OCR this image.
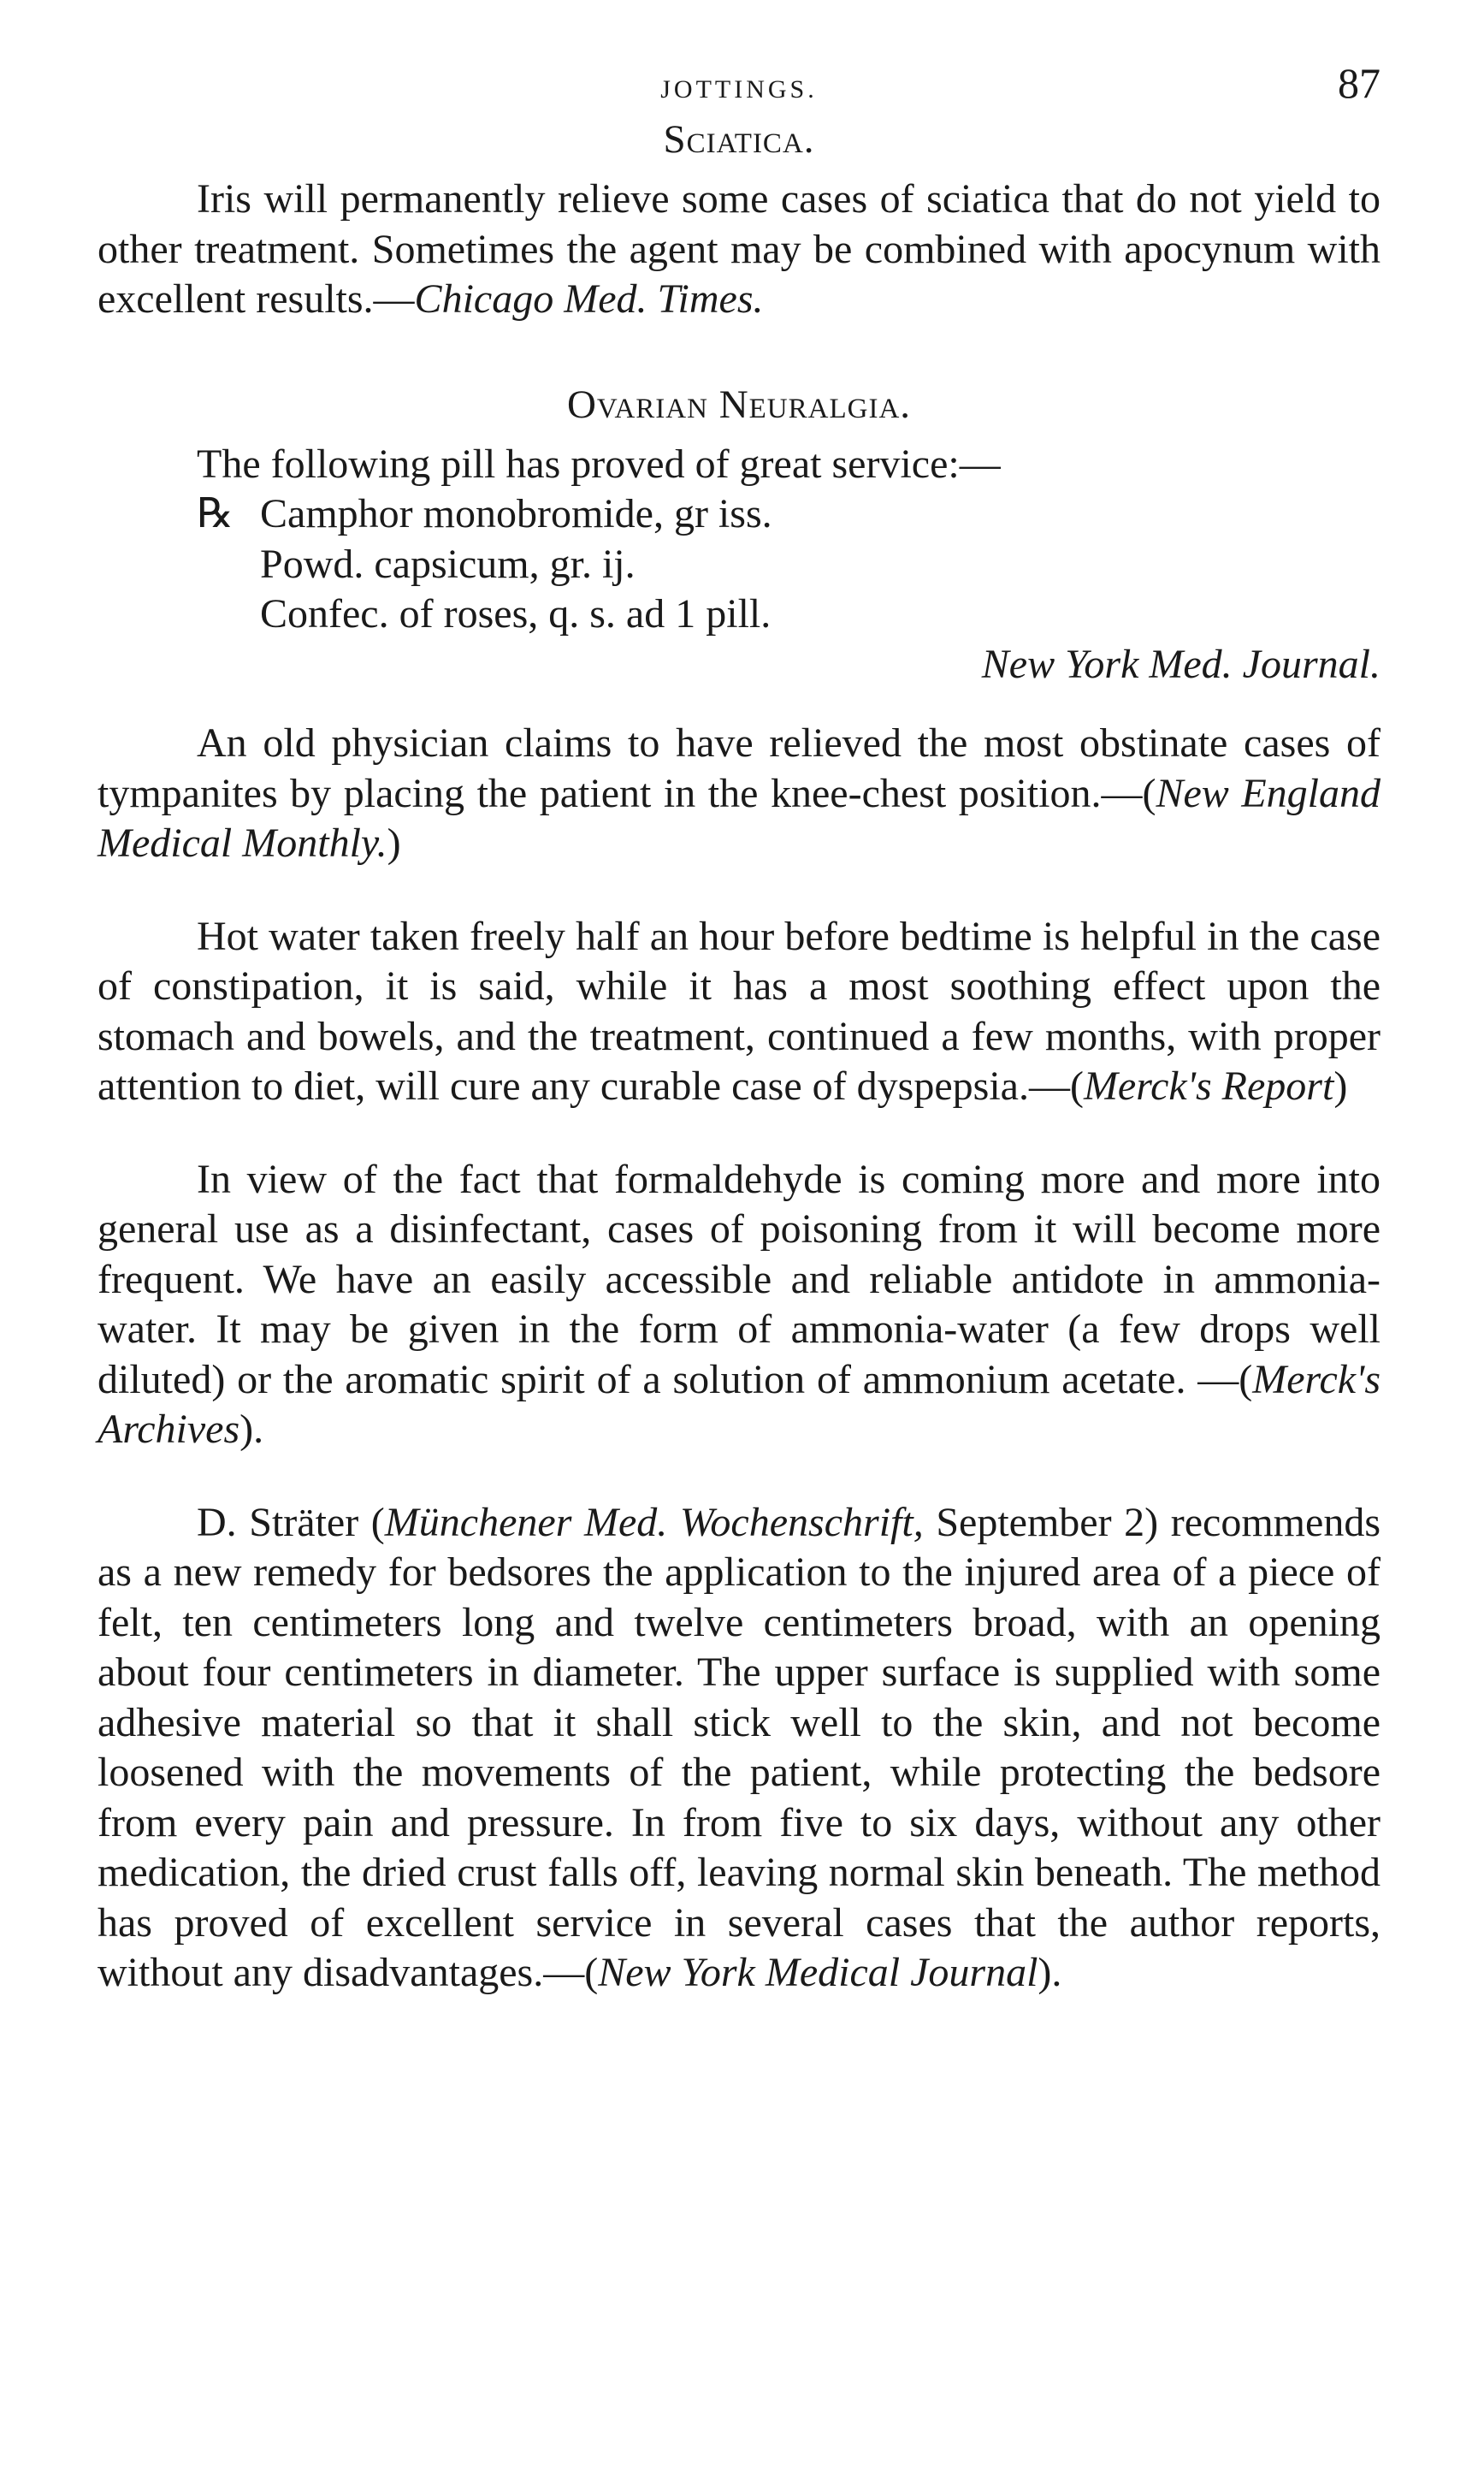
JOTTINGS.	87
Sciatica.

Iris will permanently relieve some cases of sciatica that do not yield to other treatment. Sometimes the agent may be combined with apocynum with excellent results.—Chicago Med. Times.

Ovarian Neuralgia.
The following pill has proved of great service:—
℞ Camphor monobromide, gr iss.
Powd. capsicum, gr. ij.
Confec. of roses, q. s. ad 1 pill.
New York Med. Journal.

An old physician claims to have relieved the most obstinate cases of tympanites by placing the patient in the knee-chest position.—(New England Medical Monthly.)

Hot water taken freely half an hour before bedtime is helpful in the case of constipation, it is said, while it has a most soothing effect upon the stomach and bowels, and the treatment, continued a few months, with proper attention to diet, will cure any curable case of dyspepsia.—(Merck's Report)

In view of the fact that formaldehyde is coming more and more into general use as a disinfectant, cases of poisoning from it will become more frequent. We have an easily accessible and reliable antidote in ammonia-water. It may be given in the form of ammonia-water (a few drops well diluted) or the aromatic spirit of a solution of ammonium acetate. —(Merck's Archives).

D. Sträter (Münchener Med. Wochenschrift, September 2) recommends as a new remedy for bedsores the application to the injured area of a piece of felt, ten centimeters long and twelve centimeters broad, with an opening about four centimeters in diameter. The upper surface is supplied with some adhesive material so that it shall stick well to the skin, and not become loosened with the movements of the patient, while protecting the bedsore from every pain and pressure. In from five to six days, without any other medication, the dried crust falls off, leaving normal skin beneath. The method has proved of excellent service in several cases that the author reports, without any disadvantages.—(New York Medical Journal).
